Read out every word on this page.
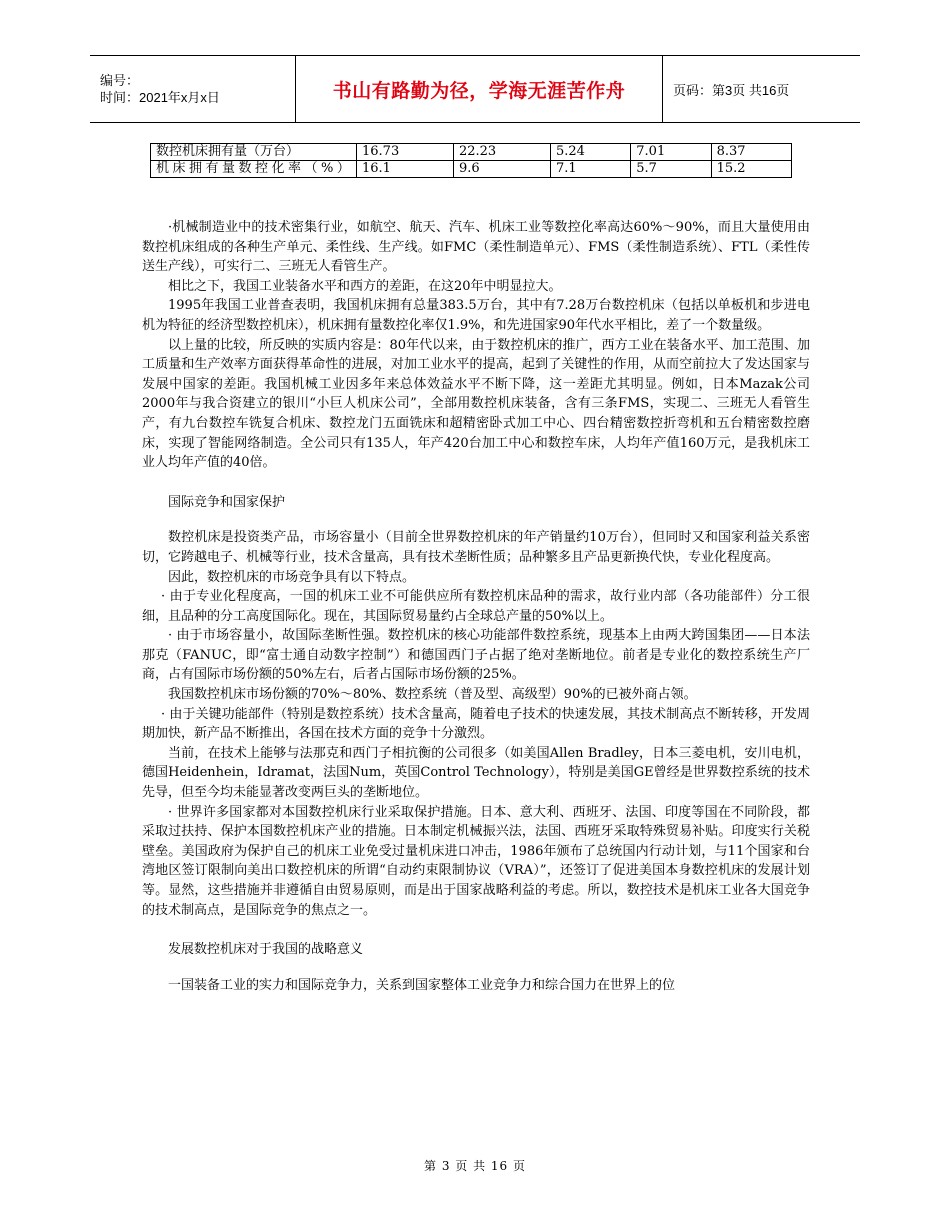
编号：
时间：2021年x月x日	书山有路勤为径，学海无涯苦作舟	页码：第3页 共16页
数控机床拥有量（万台）	16.73	22.23	5.24	7.01	8.37
机床拥有量数控化率（%）	16.1	9.6	7.1	5.7	15.2

·机械制造业中的技术密集行业，如航空、航天、汽车、机床工业等数控化率高达60%～90%，而且大量使用由数控机床组成的各种生产单元、柔性线、生产线。如FMC（柔性制造单元）、FMS（柔性制造系统）、FTL（柔性传送生产线），可实行二、三班无人看管生产。

相比之下，我国工业装备水平和西方的差距，在这20年中明显拉大。

1995年我国工业普查表明，我国机床拥有总量383.5万台，其中有7.28万台数控机床（包括以单板机和步进电机为特征的经济型数控机床），机床拥有量数控化率仅1.9%，和先进国家90年代水平相比，差了一个数量级。

以上量的比较，所反映的实质内容是：80年代以来，由于数控机床的推广，西方工业在装备水平、加工范围、加工质量和生产效率方面获得革命性的进展，对加工业水平的提高，起到了关键性的作用，从而空前拉大了发达国家与发展中国家的差距。我国机械工业因多年来总体效益水平不断下降，这一差距尤其明显。例如，日本Mazak公司2000年与我合资建立的银川“小巨人机床公司”，全部用数控机床装备，含有三条FMS，实现二、三班无人看管生产，有九台数控车铣复合机床、数控龙门五面铣床和超精密卧式加工中心、四台精密数控折弯机和五台精密数控磨床，实现了智能网络制造。全公司只有135人，年产420台加工中心和数控车床，人均年产值160万元，是我机床工业人均年产值的40倍。

国际竞争和国家保护

数控机床是投资类产品，市场容量小（目前全世界数控机床的年产销量约10万台），但同时又和国家利益关系密切，它跨越电子、机械等行业，技术含量高，具有技术垄断性质；品种繁多且产品更新换代快，专业化程度高。

因此，数控机床的市场竞争具有以下特点。

· 由于专业化程度高，一国的机床工业不可能供应所有数控机床品种的需求，故行业内部（各功能部件）分工很细，且品种的分工高度国际化。现在，其国际贸易量约占全球总产量的50%以上。

· 由于市场容量小，故国际垄断性强。数控机床的核心功能部件数控系统，现基本上由两大跨国集团——日本法那克（FANUC，即“富士通自动数字控制”）和德国西门子占据了绝对垄断地位。前者是专业化的数控系统生产厂商，占有国际市场份额的50%左右，后者占国际市场份额的25%。

我国数控机床市场份额的70%～80%、数控系统（普及型、高级型）90%的已被外商占领。

· 由于关键功能部件（特别是数控系统）技术含量高，随着电子技术的快速发展，其技术制高点不断转移，开发周期加快，新产品不断推出，各国在技术方面的竞争十分激烈。

当前，在技术上能够与法那克和西门子相抗衡的公司很多（如美国Allen Bradley，日本三菱电机，安川电机，德国Heidenhein，Idramat，法国Num，英国Control Technology），特别是美国GE曾经是世界数控系统的技术先导，但至今均未能显著改变两巨头的垄断地位。

· 世界许多国家都对本国数控机床行业采取保护措施。日本、意大利、西班牙、法国、印度等国在不同阶段，都采取过扶持、保护本国数控机床产业的措施。日本制定机械振兴法，法国、西班牙采取特殊贸易补贴。印度实行关税壁垒。美国政府为保护自己的机床工业免受过量机床进口冲击，1986年颁布了总统国内行动计划，与11个国家和台湾地区签订限制向美出口数控机床的所谓“自动约束限制协议（VRA）”，还签订了促进美国本身数控机床的发展计划等。显然，这些措施并非遵循自由贸易原则，而是出于国家战略利益的考虑。所以，数控技术是机床工业各大国竞争的技术制高点，是国际竞争的焦点之一。

发展数控机床对于我国的战略意义

一国装备工业的实力和国际竞争力，关系到国家整体工业竞争力和综合国力在世界上的位

第 3 页 共 16 页
